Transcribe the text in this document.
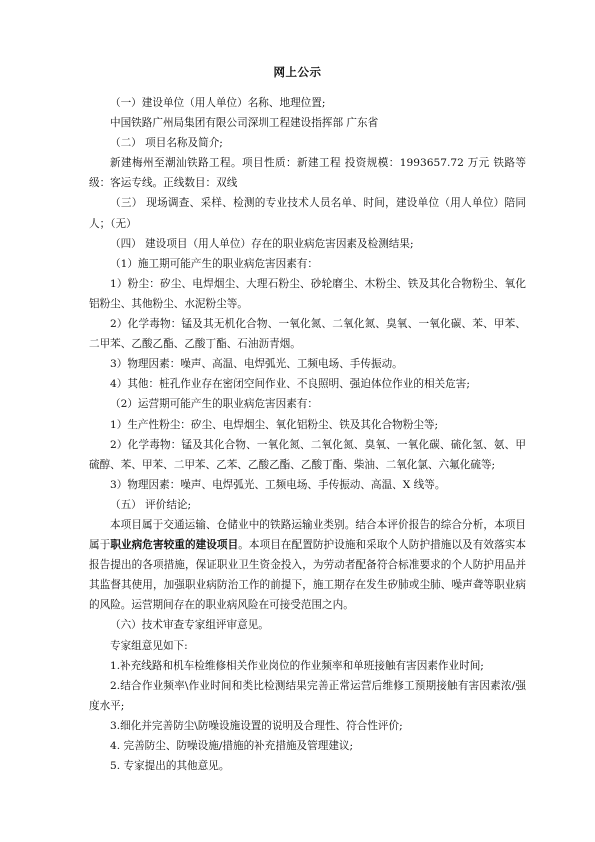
网上公示

（一）建设单位（用人单位）名称、地理位置;

中国铁路广州局集团有限公司深圳工程建设指挥部 广东省

（二） 项目名称及简介;

新建梅州至潮汕铁路工程。项目性质：新建工程 投资规模：1993657.72 万元 铁路等级：客运专线。正线数目：双线

（三） 现场调查、采样、检测的专业技术人员名单、时间，建设单位（用人单位）陪同人；（无）

（四） 建设项目（用人单位）存在的职业病危害因素及检测结果;

（1）施工期可能产生的职业病危害因素有：

1）粉尘：矽尘、电焊烟尘、大理石粉尘、砂轮磨尘、木粉尘、铁及其化合物粉尘、氧化铝粉尘、其他粉尘、水泥粉尘等。

2）化学毒物：锰及其无机化合物、一氧化氮、二氧化氮、臭氧、一氧化碳、苯、甲苯、二甲苯、乙酸乙酯、乙酸丁酯、石油沥青烟。

3）物理因素：噪声、高温、电焊弧光、工频电场、手传振动。

4）其他：桩孔作业存在密闭空间作业、不良照明、强迫体位作业的相关危害;

（2）运营期可能产生的职业病危害因素有：

1）生产性粉尘：矽尘、电焊烟尘、氧化铝粉尘、铁及其化合物粉尘等;

2）化学毒物：锰及其化合物、一氧化氮、二氧化氮、臭氧、一氧化碳、硫化氢、氨、甲硫醇、苯、甲苯、二甲苯、乙苯、乙酸乙酯、乙酸丁酯、柴油、二氧化氯、六氟化硫等;

3）物理因素：噪声、电焊弧光、工频电场、手传振动、高温、X 线等。

（五） 评价结论;

本项目属于交通运输、仓储业中的铁路运输业类别。结合本评价报告的综合分析，本项目属于职业病危害较重的建设项目。本项目在配置防护设施和采取个人防护措施以及有效落实本报告提出的各项措施，保证职业卫生资金投入，为劳动者配备符合标准要求的个人防护用品并其监督其使用，加强职业病防治工作的前提下，施工期存在发生矽肺或尘肺、噪声聋等职业病的风险。运营期间存在的职业病风险在可接受范围之内。

（六）技术审查专家组评审意见。

专家组意见如下:

1.补充线路和机车检维修相关作业岗位的作业频率和单班接触有害因素作业时间;

2.结合作业频率\作业时间和类比检测结果完善正常运营后维修工预期接触有害因素浓/强度水平;

3.细化并完善防尘\防噪设施设置的说明及合理性、符合性评价;

4. 完善防尘、防噪设施/措施的补充措施及管理建议;

5. 专家提出的其他意见。
